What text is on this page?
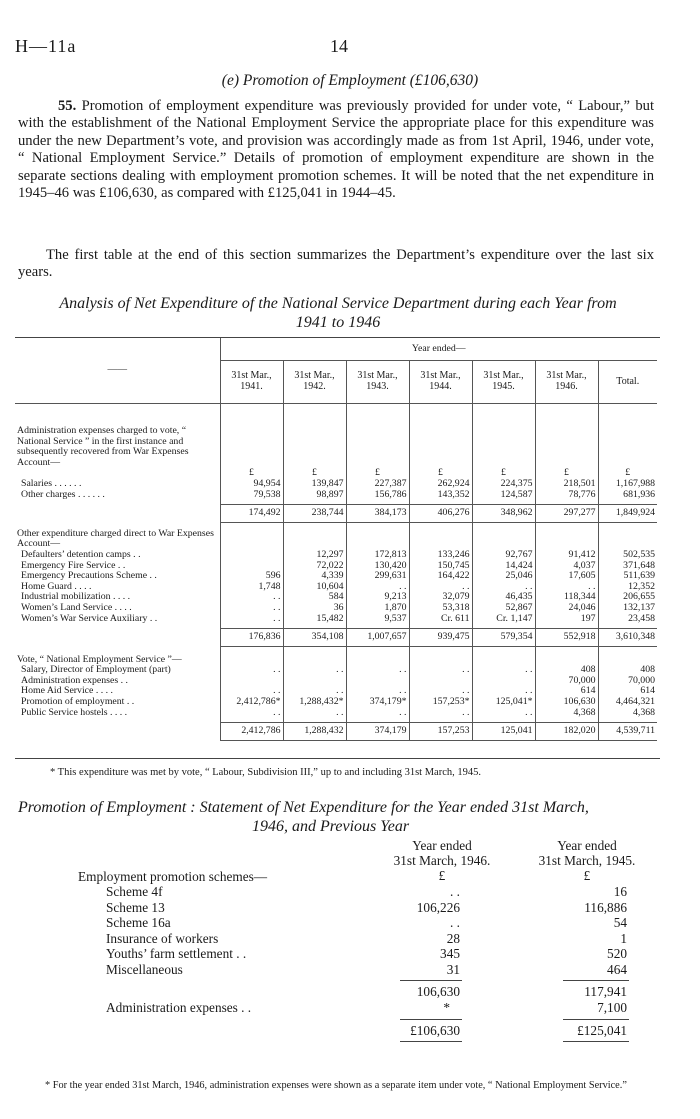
H—11a	14
(e) Promotion of Employment (£106,630)
55. Promotion of employment expenditure was previously provided for under vote, “ Labour,” but with the establishment of the National Employment Service the appropriate place for this expenditure was under the new Department’s vote, and provision was accordingly made as from 1st April, 1946, under vote, “ National Employment Service.” Details of promotion of employment expenditure are shown in the separate sections dealing with employment promotion schemes. It will be noted that the net expenditure in 1945–46 was £106,630, as compared with £125,041 in 1944–45.
The first table at the end of this section summarizes the Department’s expenditure over the last six years.
Analysis of Net Expenditure of the National Service Department during each Year from
1941 to 1946
——	Year ended—						
	31st Mar., 1941.	31st Mar., 1942.	31st Mar., 1943.	31st Mar., 1944.	31st Mar., 1945.	31st Mar., 1946.	Total.

Administration expenses charged to vote, “ National Service ” in the first instance and subsequently recovered from War Expenses Account—							
	£	£	£	£	£	£	£
Salaries . . . . . .	94,954	139,847	227,387	262,924	224,375	218,501	1,167,988
Other charges . . . . . .	79,538	98,897	156,786	143,352	124,587	78,776	681,936

	174,492	238,744	384,173	406,276	348,962	297,277	1,849,924

Other expenditure charged direct to War Expenses Account—							
Defaulters’ detention camps . .		12,297	172,813	133,246	92,767	91,412	502,535
Emergency Fire Service . .		72,022	130,420	150,745	14,424	4,037	371,648
Emergency Precautions Scheme . .	596	4,339	299,631	164,422	25,046	17,605	511,639
Home Guard . . . .	1,748	10,604	. .	. .	. .	. .	12,352
Industrial mobilization . . . .	. .	584	9,213	32,079	46,435	118,344	206,655
Women’s Land Service . . . .	. .	36	1,870	53,318	52,867	24,046	132,137
Women’s War Service Auxiliary . .	. .	15,482	9,537	Cr. 611	Cr. 1,147	197	23,458

	176,836	354,108	1,007,657	939,475	579,354	552,918	3,610,348

Vote, “ National Employment Service ”—							
Salary, Director of Employment (part)	. .	. .	. .	. .	. .	408	408
Administration expenses . .						70,000	70,000
Home Aid Service . . . .	. .	. .	. .	. .	. .	614	614
Promotion of employment . .	2,412,786*	1,288,432*	374,179*	157,253*	125,041*	106,630	4,464,321
Public Service hostels . . . .	. .	. .	. .	. .	. .	4,368	4,368

	2,412,786	1,288,432	374,179	157,253	125,041	182,020	4,539,711
* This expenditure was met by vote, “ Labour, Subdivision III,” up to and including 31st March, 1945.
Promotion of Employment : Statement of Net Expenditure for the Year ended 31st March,
1946, and Previous Year
Year ended
31st March, 1946.
£
Year ended
31st March, 1945.
£
Employment promotion schemes—
Scheme 4f	. .	16
Scheme 13	106,226	116,886
Scheme 16a	. .	54
Insurance of workers	28	1
Youths’ farm settlement . .	345	520
Miscellaneous	31	464
106,630	117,941
Administration expenses . .	*	7,100
£106,630	£125,041
* For the year ended 31st March, 1946, administration expenses were shown as a separate item under vote, “ National Employment Service.”
